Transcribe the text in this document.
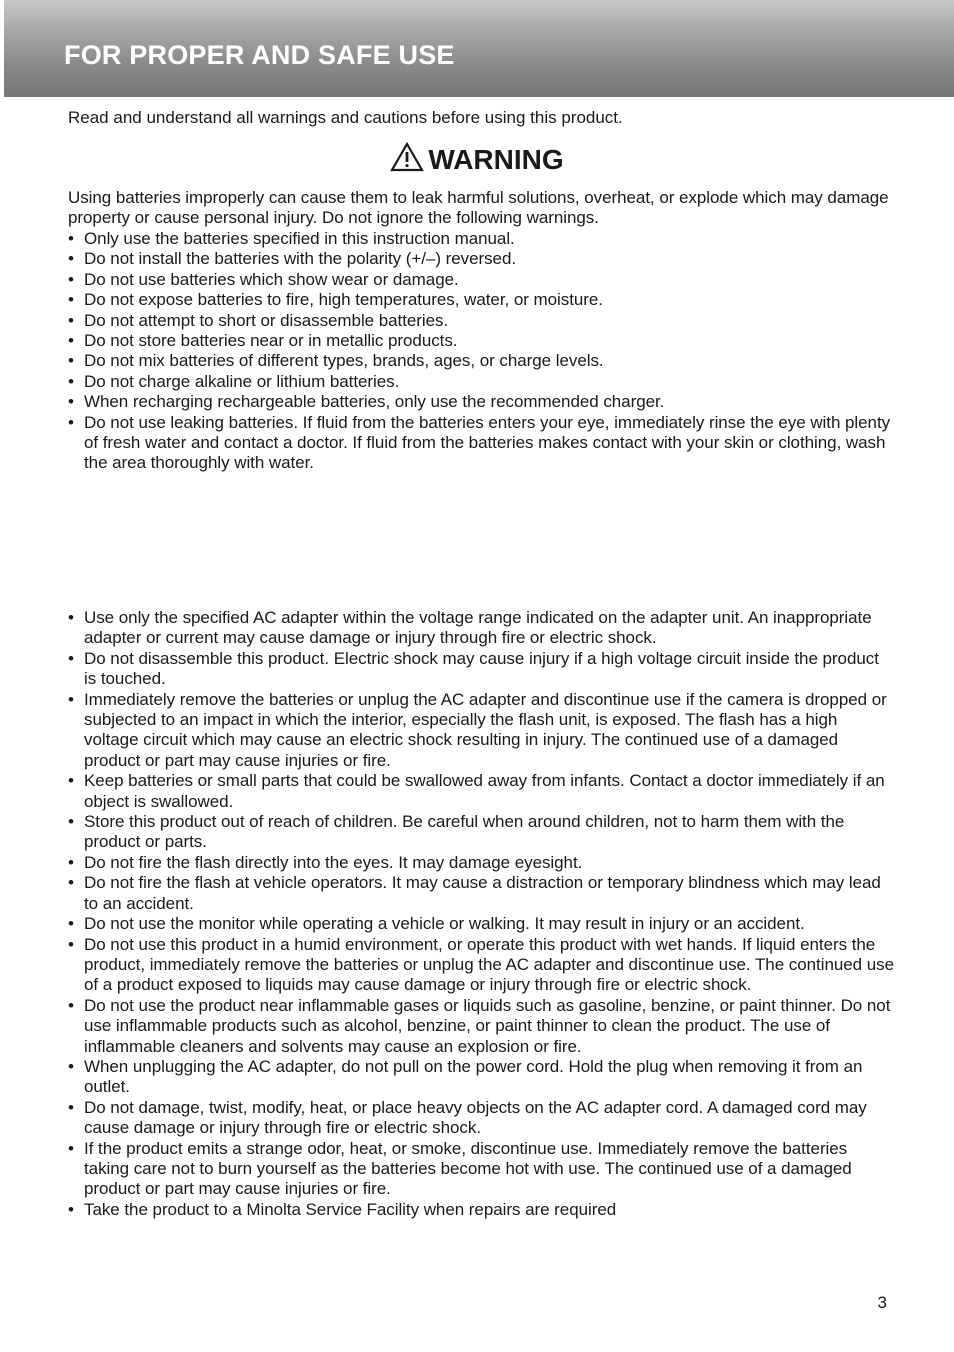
FOR PROPER AND SAFE USE
Read and understand all warnings and cautions before using this product.
WARNING
Using batteries improperly can cause them to leak harmful solutions, overheat, or explode which may damage property or cause personal injury. Do not ignore the following warnings.
• Only use the batteries specified in this instruction manual.
• Do not install the batteries with the polarity (+/–) reversed.
• Do not use batteries which show wear or damage.
• Do not expose batteries to fire, high temperatures, water, or moisture.
• Do not attempt to short or disassemble batteries.
• Do not store batteries near or in metallic products.
• Do not mix batteries of different types, brands, ages, or charge levels.
• Do not charge alkaline or lithium batteries.
• When recharging rechargeable batteries, only use the recommended charger.
• Do not use leaking batteries. If fluid from the batteries enters your eye, immediately rinse the eye with plenty of fresh water and contact a doctor. If fluid from the batteries makes contact with your skin or clothing, wash the area thoroughly with water.
• Use only the specified AC adapter within the voltage range indicated on the adapter unit. An inappropriate adapter or current may cause damage or injury through fire or electric shock.
• Do not disassemble this product. Electric shock may cause injury if a high voltage circuit inside the product is touched.
• Immediately remove the batteries or unplug the AC adapter and discontinue use if the camera is dropped or subjected to an impact in which the interior, especially the flash unit, is exposed. The flash has a high voltage circuit which may cause an electric shock resulting in injury. The continued use of a damaged product or part may cause injuries or fire.
• Keep batteries or small parts that could be swallowed away from infants. Contact a doctor immediately if an object is swallowed.
• Store this product out of reach of children. Be careful when around children, not to harm them with the product or parts.
• Do not fire the flash directly into the eyes. It may damage eyesight.
• Do not fire the flash at vehicle operators. It may cause a distraction or temporary blindness which may lead to an accident.
• Do not use the monitor while operating a vehicle or walking. It may result in injury or an accident.
• Do not use this product in a humid environment, or operate this product with wet hands. If liquid enters the product, immediately remove the batteries or unplug the AC adapter and discontinue use. The continued use of a product exposed to liquids may cause damage or injury through fire or electric shock.
• Do not use the product near inflammable gases or liquids such as gasoline, benzine, or paint thinner. Do not use inflammable products such as alcohol, benzine, or paint thinner to clean the product. The use of inflammable cleaners and solvents may cause an explosion or fire.
• When unplugging the AC adapter, do not pull on the power cord. Hold the plug when removing it from an outlet.
• Do not damage, twist, modify, heat, or place heavy objects on the AC adapter cord. A damaged cord may cause damage or injury through fire or electric shock.
• If the product emits a strange odor, heat, or smoke, discontinue use. Immediately remove the batteries taking care not to burn yourself as the batteries become hot with use. The continued use of a damaged product or part may cause injuries or fire.
• Take the product to a Minolta Service Facility when repairs are required
3
